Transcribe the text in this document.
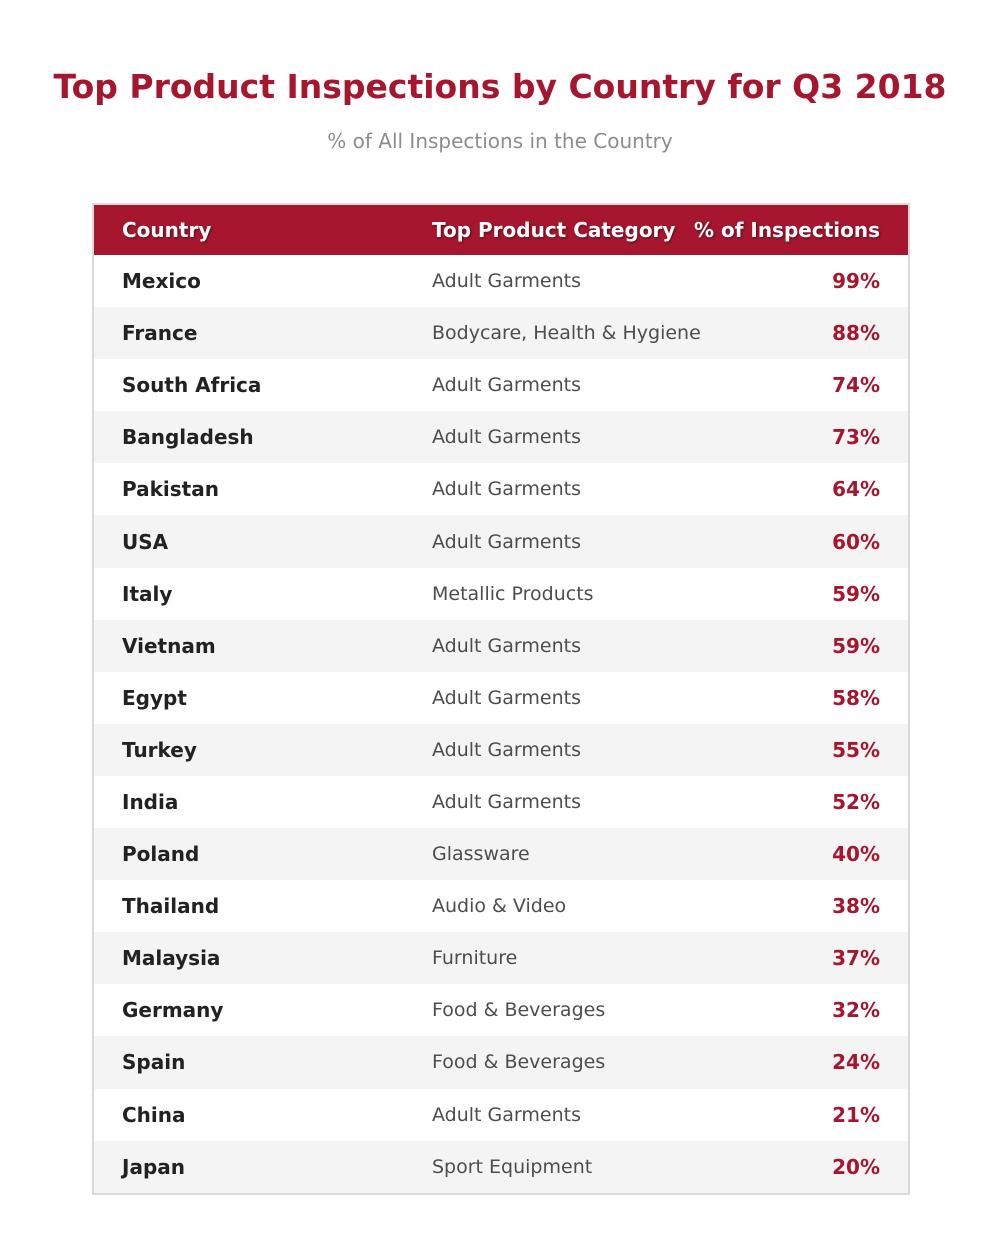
Top Product Inspections by Country for Q3 2018
% of All Inspections in the Country
Country	Top Product Category % of Inspections
Mexico	Adult Garments	99%
France	Bodycare, Health & Hygiene	88%
South Africa	Adult Garments	74%
Bangladesh	Adult Garments	73%
Pakistan	Adult Garments	64%
USA	Adult Garments	60%
Italy	Metallic Products	59%
Vietnam	Adult Garments	59%
Egypt	Adult Garments	58%
Turkey	Adult Garments	55%
India	Adult Garments	52%
Poland	Glassware	40%
Thailand	Audio & Video	38%
Malaysia	Furniture	37%
Germany	Food & Beverages	32%
Spain	Food & Beverages	24%
China	Adult Garments	21%
Japan	Sport Equipment	20%
